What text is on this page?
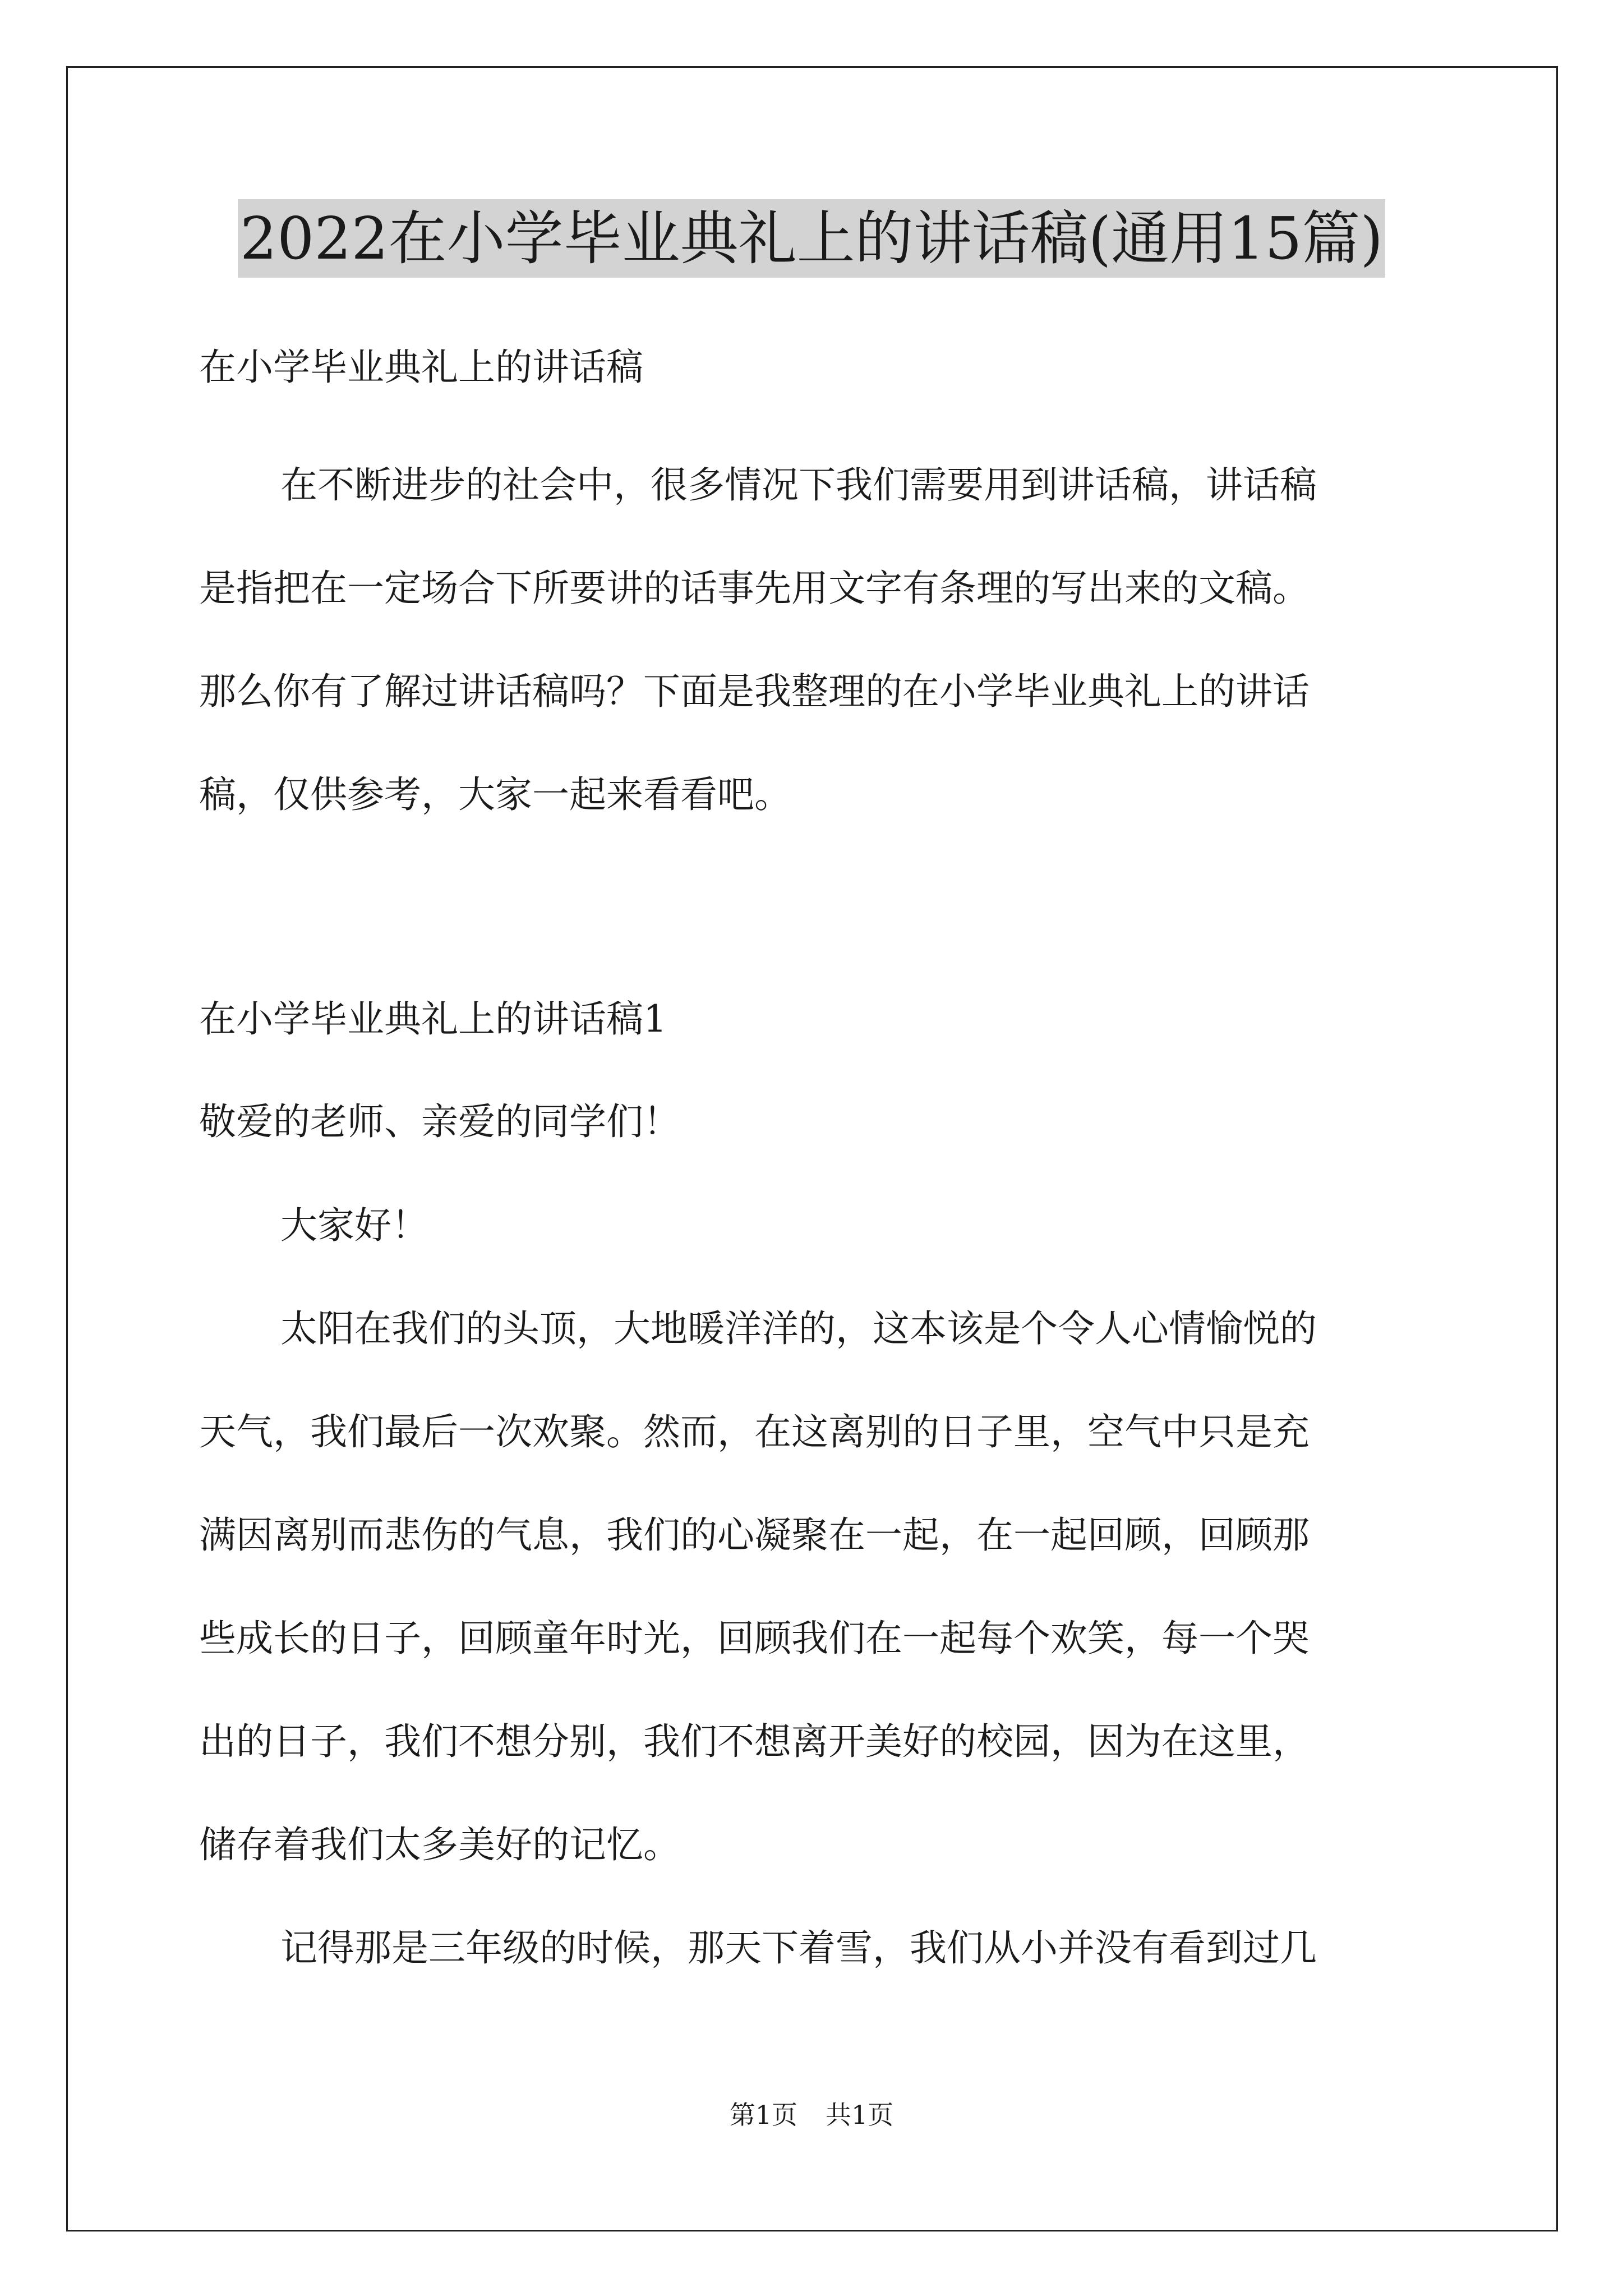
2022在小学毕业典礼上的讲话稿(通用15篇)
在小学毕业典礼上的讲话稿
在不断进步的社会中，很多情况下我们需要用到讲话稿，讲话稿
是指把在一定场合下所要讲的话事先用文字有条理的写出来的文稿。
那么你有了解过讲话稿吗？下面是我整理的在小学毕业典礼上的讲话
稿，仅供参考，大家一起来看看吧。
在小学毕业典礼上的讲话稿1
敬爱的老师、亲爱的同学们！
大家好！
太阳在我们的头顶，大地暖洋洋的，这本该是个令人心情愉悦的
天气，我们最后一次欢聚。然而，在这离别的日子里，空气中只是充
满因离别而悲伤的气息，我们的心凝聚在一起，在一起回顾，回顾那
些成长的日子，回顾童年时光，回顾我们在一起每个欢笑，每一个哭
出的日子，我们不想分别，我们不想离开美好的校园，因为在这里，
储存着我们太多美好的记忆。
记得那是三年级的时候，那天下着雪，我们从小并没有看到过几
第1页 共1页
